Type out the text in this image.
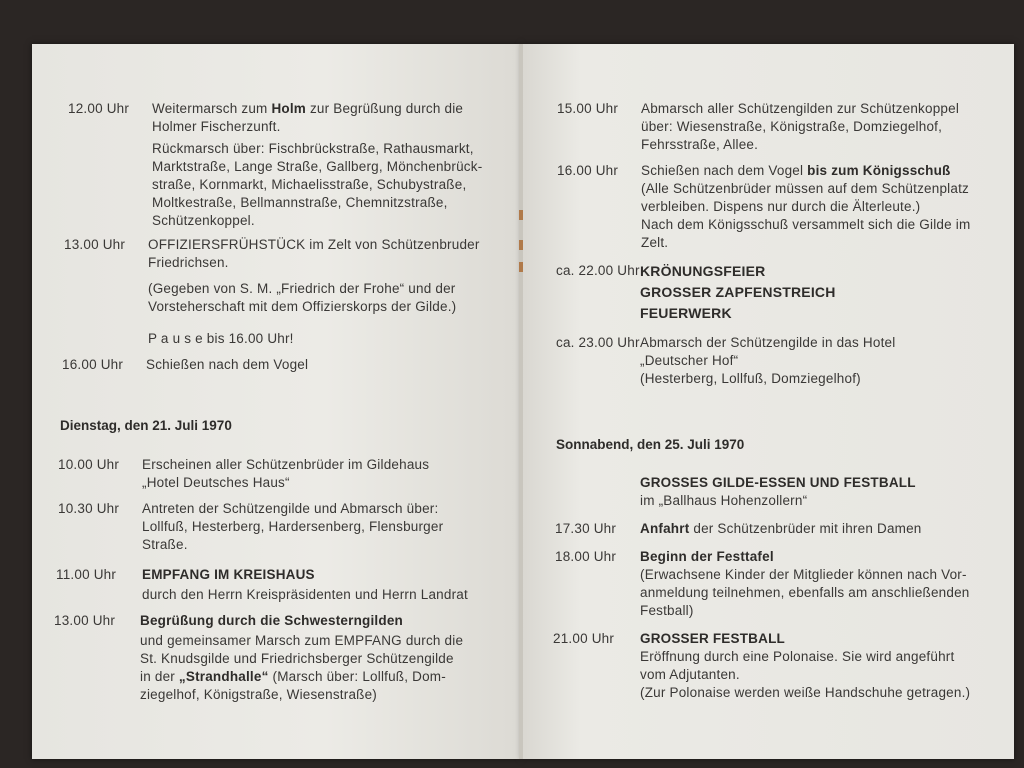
12.00 Uhr Weitermarsch zum Holm zur Begrüßung durch die
Holmer Fischerzunft.

Rückmarsch über: Fischbrückstraße, Rathausmarkt,
Marktstraße, Lange Straße, Gallberg, Mönchenbrück-
straße, Kornmarkt, Michaelisstraße, Schubystraße,
Moltkestraße, Bellmannstraße, Chemnitzstraße,
Schützenkoppel.

13.00 Uhr OFFIZIERSFRÜHSTÜCK im Zelt von Schützenbruder
Friedrichsen.

(Gegeben von S. M. „Friedrich der Frohe“ und der
Vorsteherschaft mit dem Offizierskorps der Gilde.)

P a u s e bis 16.00 Uhr!

16.00 Uhr Schießen nach dem Vogel

Dienstag, den 21. Juli 1970
10.00 Uhr Erscheinen aller Schützenbrüder im Gildehaus
„Hotel Deutsches Haus“

10.30 Uhr Antreten der Schützengilde und Abmarsch über:
Lollfuß, Hesterberg, Hardersenberg, Flensburger
Straße.

11.00 Uhr EMPFANG IM KREISHAUS

durch den Herrn Kreispräsidenten und Herrn Landrat

13.00 Uhr Begrüßung durch die Schwesterngilden

und gemeinsamer Marsch zum EMPFANG durch die
St. Knudsgilde und Friedrichsberger Schützengilde
in der „Strandhalle“ (Marsch über: Lollfuß, Dom-
ziegelhof, Königstraße, Wiesenstraße)

15.00 Uhr Abmarsch aller Schützengilden zur Schützenkoppel
über: Wiesenstraße, Königstraße, Domziegelhof,
Fehrsstraße, Allee.

16.00 Uhr Schießen nach dem Vogel bis zum Königsschuß

(Alle Schützenbrüder müssen auf dem Schützenplatz
verbleiben. Dispens nur durch die Älterleute.)
Nach dem Königsschuß versammelt sich die Gilde im
Zelt.

ca. 22.00 Uhr KRÖNUNGSFEIER

GROSSER ZAPFENSTREICH

FEUERWERK

ca. 23.00 Uhr Abmarsch der Schützengilde in das Hotel
„Deutscher Hof“
(Hesterberg, Lollfuß, Domziegelhof)

Sonnabend, den 25. Juli 1970

GROSSES GILDE-ESSEN UND FESTBALL

im „Ballhaus Hohenzollern“

17.30 Uhr Anfahrt der Schützenbrüder mit ihren Damen

18.00 Uhr Beginn der Festtafel

(Erwachsene Kinder der Mitglieder können nach Vor-
anmeldung teilnehmen, ebenfalls am anschließenden
Festball)

21.00 Uhr GROSSER FESTBALL

Eröffnung durch eine Polonaise. Sie wird angeführt
vom Adjutanten.
(Zur Polonaise werden weiße Handschuhe getragen.)
